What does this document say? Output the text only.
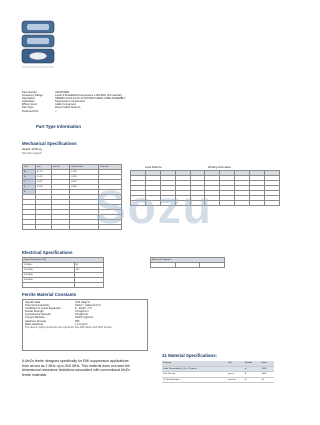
Part Number:	3431167281
Frequency Range:	Lower & Broadband Frequencies 1-300 MHz (31 material)
Description:	CBR#16.10.10-31 3C 31 ROUND CABLE CORE ASSEMBLY
Application:	Suppression Components
Where Used:	Cable Component
Part Type:	Round Cable Snap-its
Preferred Part	✓
Part Type Information
Mechanical Specifications
Weight: 30.80 (g)
Dim Dim Legend
Dim	mm	mm tol	nominal inch	inch misc
A	41.15		1.620	
B	15.15		0.593	
C	10.21		0.402	
D	24.08		0.948	
E				

Level Patterns	Winding Information

Electrical Specifications
Typical Impedance (Ω)	
25 MHz	85
100 MHz	141
250 MHz	
500 MHz	

Electrical Properties

Ferrite Material Constants
Specific Heat	0.25 cal/g/°C
Thermal Conductivity	10x10⁻³ cal/sec/cm/°C
Coefficient of Linear Expansion	8 - 10x10⁻⁶/°C
Tensile Strength	4.9 kgf/mm²
Compressive Strength	42 kgf/mm²
Young's Modulus	15x10³ kgf/mm²
Hardness (Knoop)	650
Mohs Hardness	≥ 1.5 g/cm³
The above typical properties are typical for Fair-Rite MnZn and NiZn ferrites.
A MnZn ferrite designed specifically for EMI suppression applications from as low as 1 MHz up to 500 MHz. This material does not have the dimensional resonance limitations associated with conventional MnZn ferrite materials.
31 Material Specifications:
Property	Unit	Symbol	Value
Initial Permeability @ B < 10 gauss		μi	1500
Flux Density	gauss	B	3400
@ Field Strength	oersted	H	10
Sozu
